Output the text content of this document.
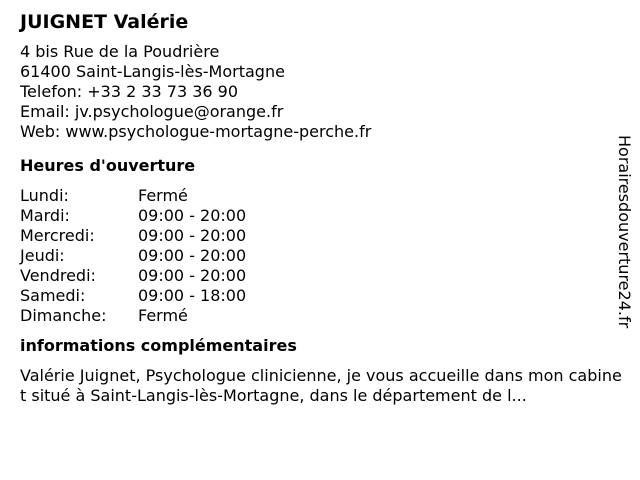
JUIGNET Valérie
4 bis Rue de la Poudrière
61400 Saint-Langis-lès-Mortagne
Telefon: +33 2 33 73 36 90
Email: jv.psychologue@orange.fr
Web: www.psychologue-mortagne-perche.fr
Heures d'ouverture
Lundi:	Fermé
Mardi:	09:00 - 20:00
Mercredi:	09:00 - 20:00
Jeudi:	09:00 - 20:00
Vendredi:	09:00 - 20:00
Samedi:	09:00 - 18:00
Dimanche:	Fermé
informations complémentaires
Valérie Juignet, Psychologue clinicienne, je vous accueille dans mon cabinet situé à Saint-Langis-lès-Mortagne, dans le département de l...
Horairesdouverture24.fr
